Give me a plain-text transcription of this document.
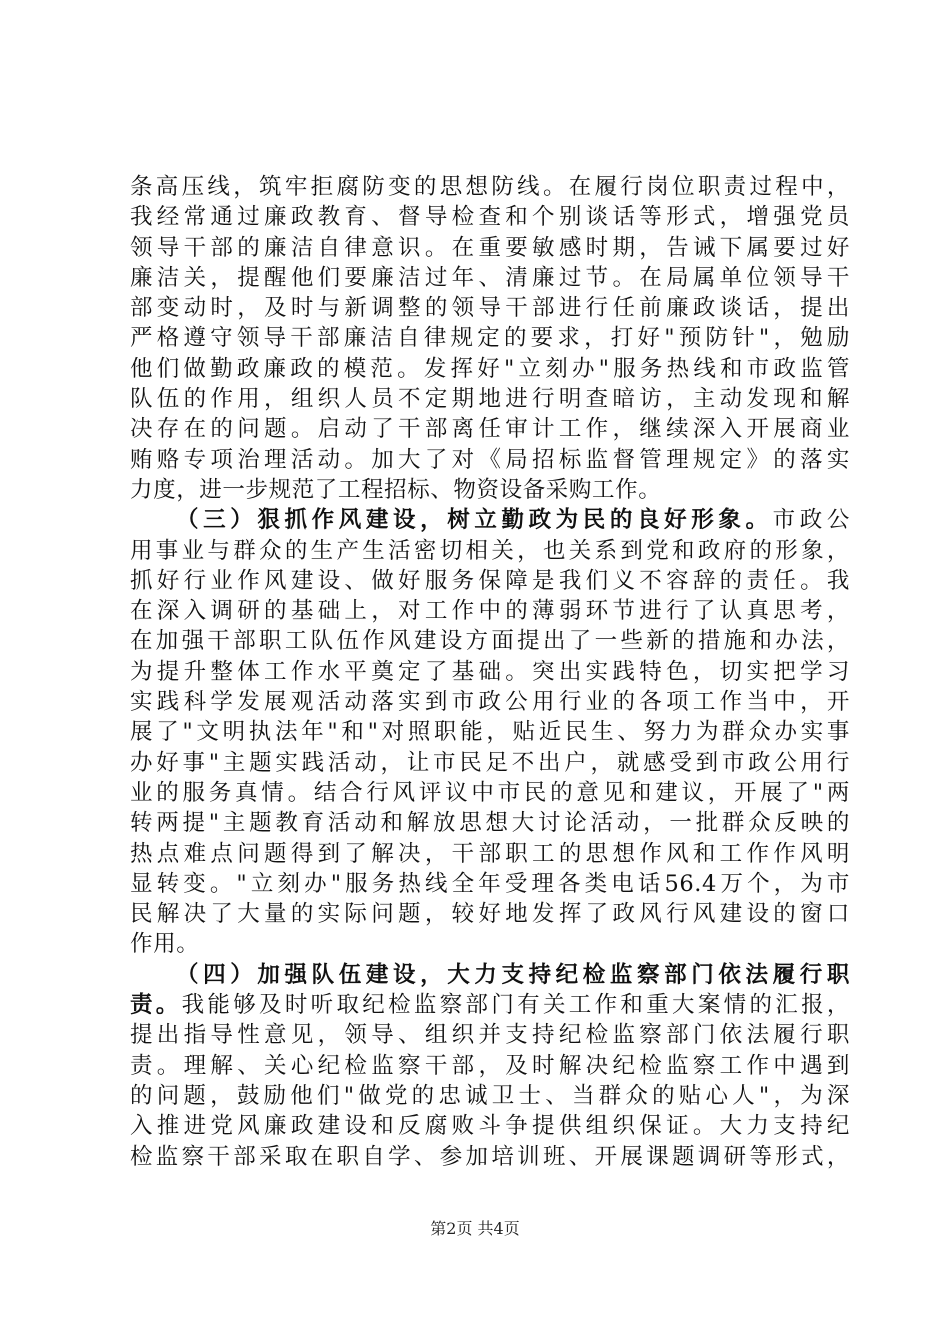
条高压线，筑牢拒腐防变的思想防线。在履行岗位职责过程中，
我经常通过廉政教育、督导检查和个别谈话等形式，增强党员
领导干部的廉洁自律意识。在重要敏感时期，告诫下属要过好
廉洁关，提醒他们要廉洁过年、清廉过节。在局属单位领导干
部变动时，及时与新调整的领导干部进行任前廉政谈话，提出
严格遵守领导干部廉洁自律规定的要求，打好"预防针"，勉励
他们做勤政廉政的模范。发挥好"立刻办"服务热线和市政监管
队伍的作用，组织人员不定期地进行明查暗访，主动发现和解
决存在的问题。启动了干部离任审计工作，继续深入开展商业
贿赂专项治理活动。加大了对《局招标监督管理规定》的落实
力度，进一步规范了工程招标、物资设备采购工作。
（三）狠抓作风建设，树立勤政为民的良好形象。市政公
用事业与群众的生产生活密切相关，也关系到党和政府的形象，
抓好行业作风建设、做好服务保障是我们义不容辞的责任。我
在深入调研的基础上，对工作中的薄弱环节进行了认真思考，
在加强干部职工队伍作风建设方面提出了一些新的措施和办法，
为提升整体工作水平奠定了基础。突出实践特色，切实把学习
实践科学发展观活动落实到市政公用行业的各项工作当中，开
展了"文明执法年"和"对照职能，贴近民生、努力为群众办实事
办好事"主题实践活动，让市民足不出户，就感受到市政公用行
业的服务真情。结合行风评议中市民的意见和建议，开展了"两
转两提"主题教育活动和解放思想大讨论活动，一批群众反映的
热点难点问题得到了解决，干部职工的思想作风和工作作风明
显转变。"立刻办"服务热线全年受理各类电话56.4万个，为市
民解决了大量的实际问题，较好地发挥了政风行风建设的窗口
作用。
（四）加强队伍建设，大力支持纪检监察部门依法履行职
责。我能够及时听取纪检监察部门有关工作和重大案情的汇报，
提出指导性意见，领导、组织并支持纪检监察部门依法履行职
责。理解、关心纪检监察干部，及时解决纪检监察工作中遇到
的问题，鼓励他们"做党的忠诚卫士、当群众的贴心人"，为深
入推进党风廉政建设和反腐败斗争提供组织保证。大力支持纪
检监察干部采取在职自学、参加培训班、开展课题调研等形式，
第2页 共4页
